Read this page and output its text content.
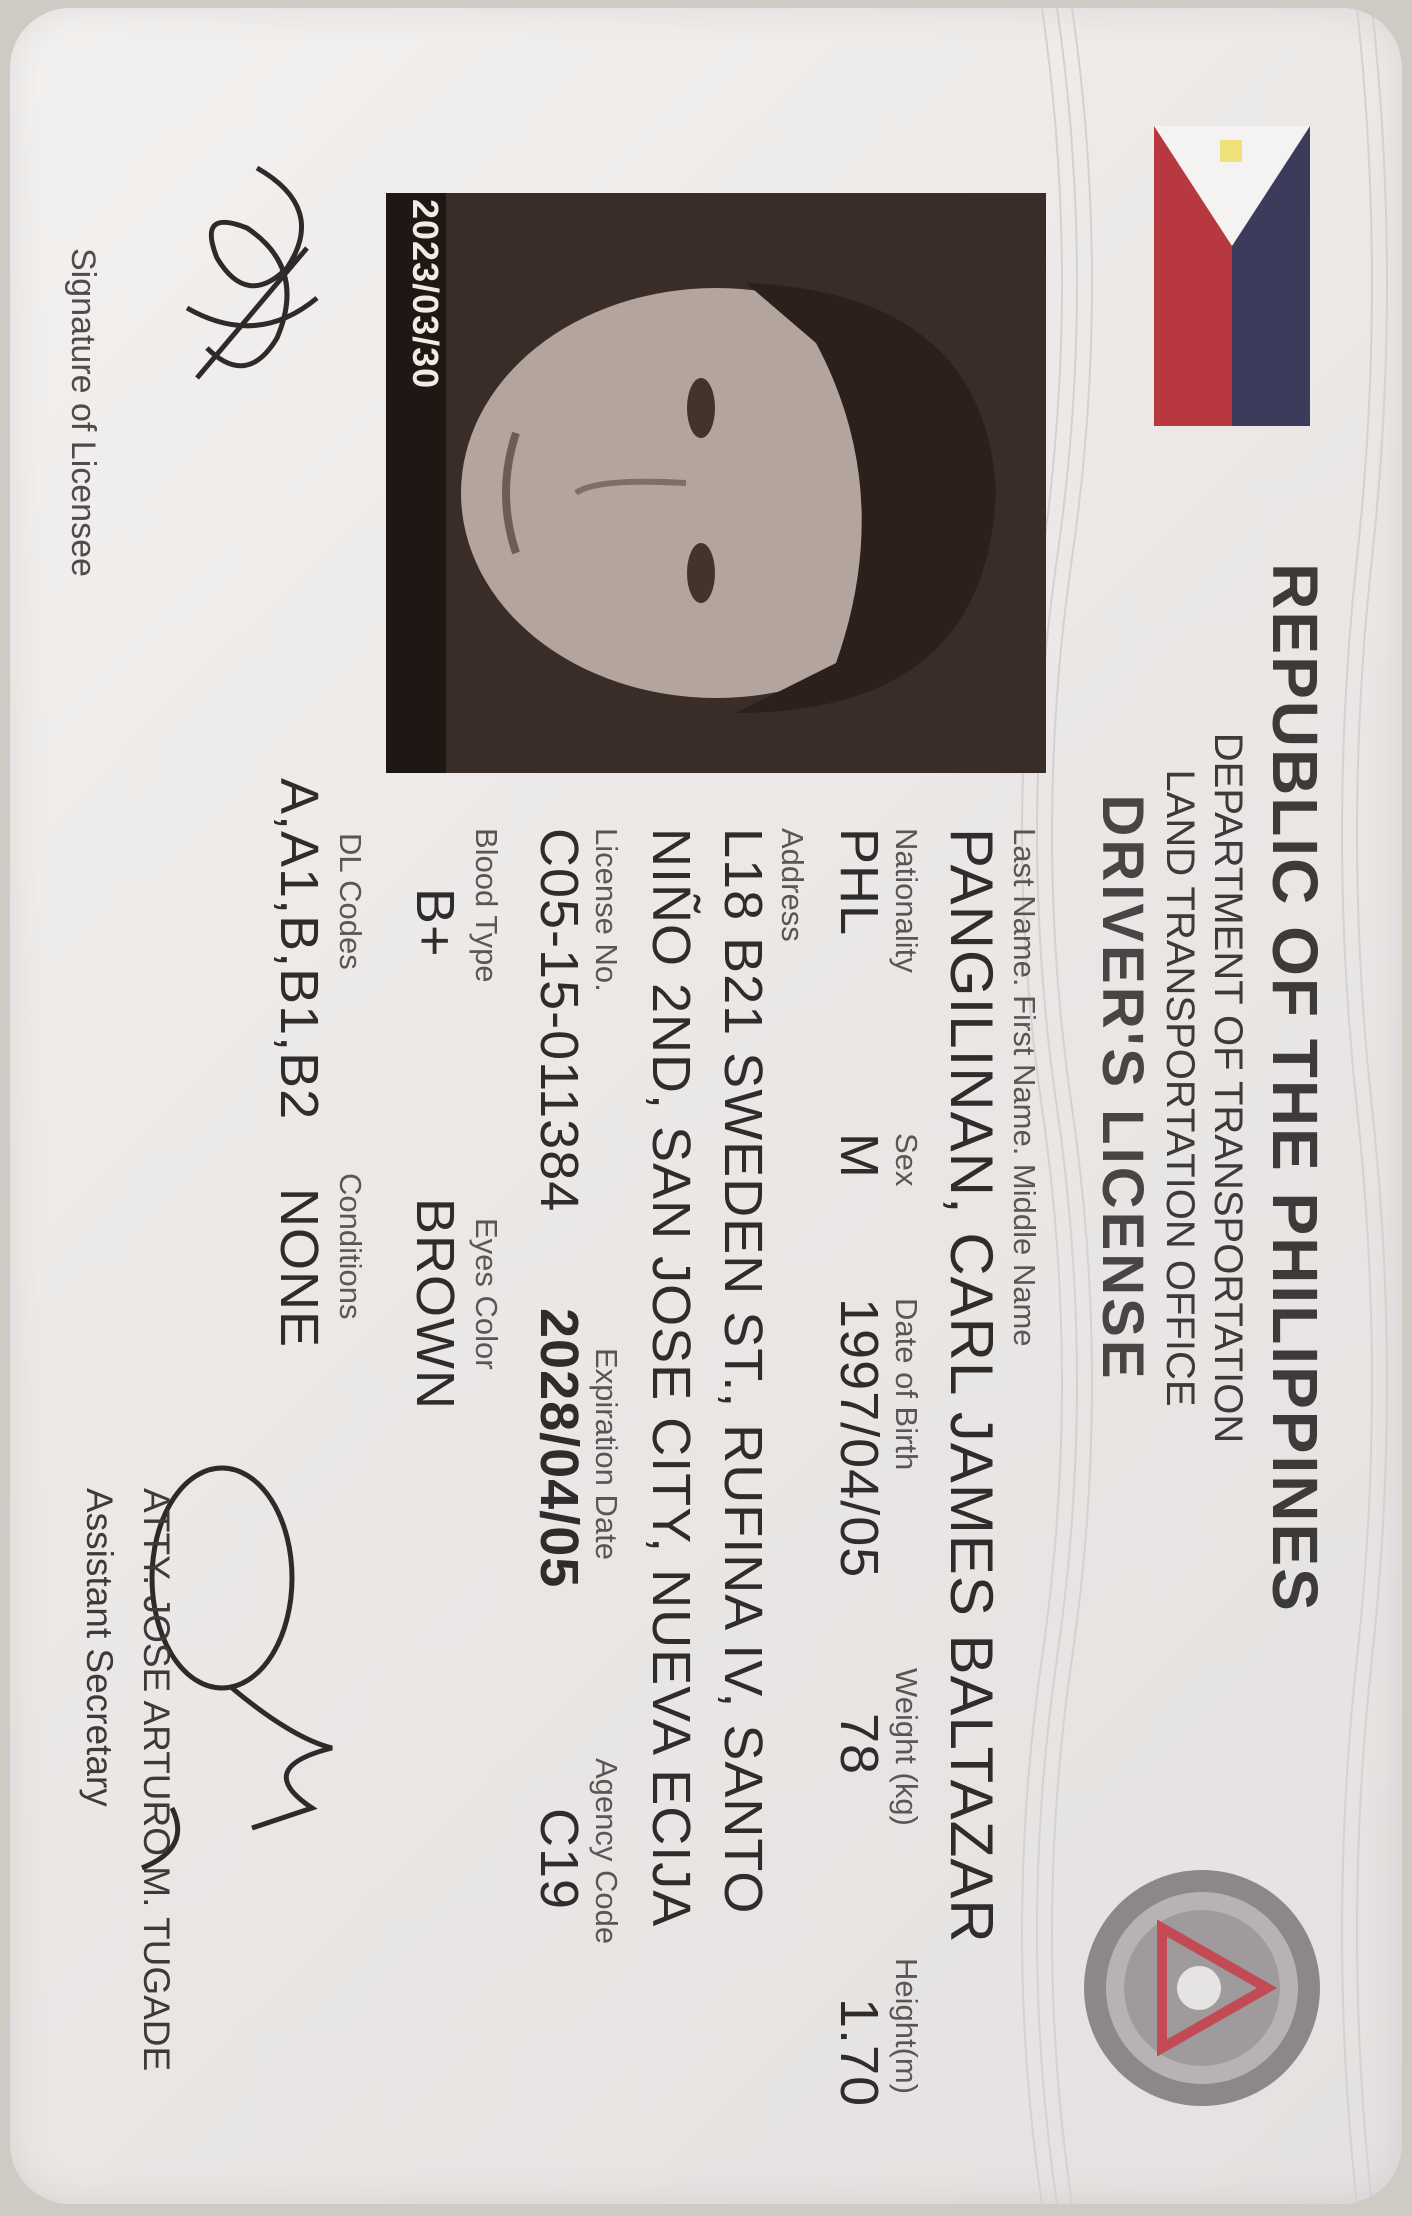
REPUBLIC OF THE PHILIPPINES
DEPARTMENT OF TRANSPORTATION
LAND TRANSPORTATION OFFICE
DRIVER'S LICENSE
2023/03/30
Last Name. First Name. Middle Name
PANGILINAN, CARL JAMES BALTAZAR
Nationality
PHL
Sex
M
Date of Birth
1997/04/05
Weight (kg)
78
Height(m)
1.70
Address
L18 B21 SWEDEN ST., RUFINA IV, SANTO
NIÑO 2ND, SAN JOSE CITY, NUEVA ECIJA
License No.
C05-15-011384
Expiration Date
2028/04/05
Agency Code
C19
Blood Type
B+
Eyes Color
BROWN
DL Codes
A,A1,B,B1,B2
Conditions
NONE
Signature of Licensee
ATTY. JOSE ARTURO M. TUGADE
Assistant Secretary
